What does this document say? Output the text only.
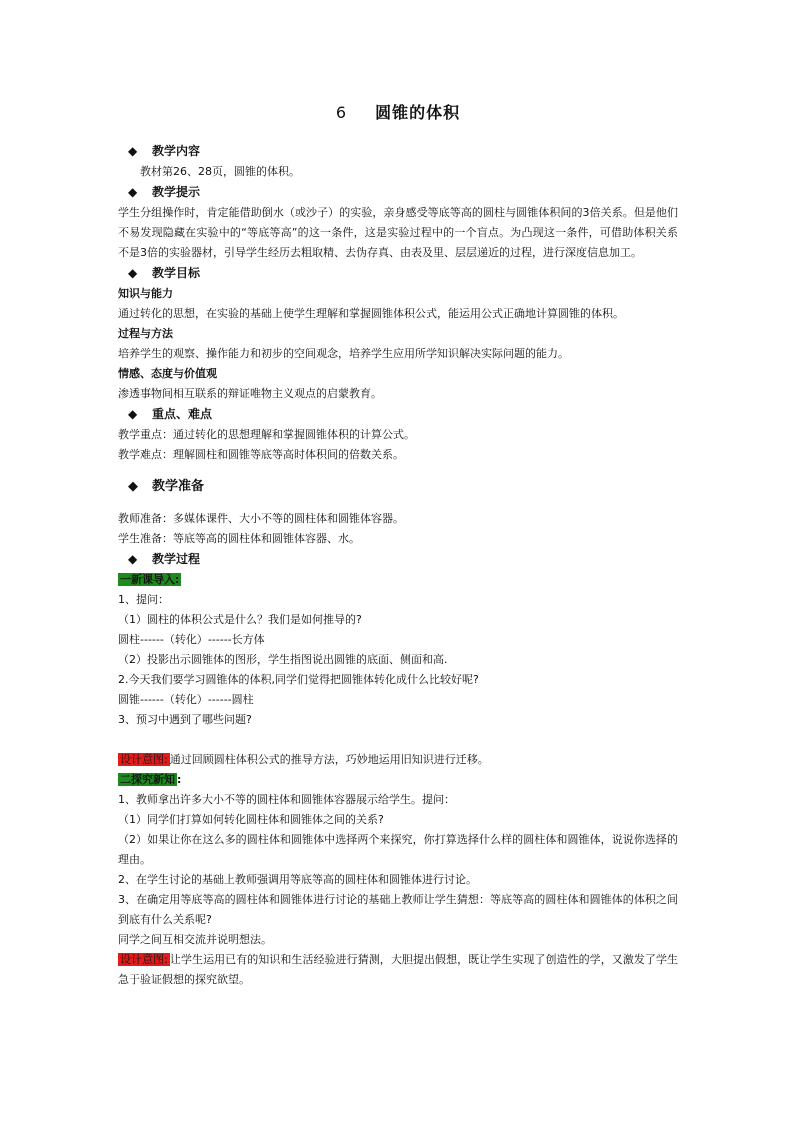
6 圆锥的体积
◆ 教学内容

教材第26、28页，圆锥的体积。

◆ 教学提示

学生分组操作时，肯定能借助倒水（或沙子）的实验，亲身感受等底等高的圆柱与圆锥体积间的3倍关系。但是他们不易发现隐藏在实验中的“等底等高”的这一条件，这是实验过程中的一个盲点。为凸现这一条件，可借助体积关系不是3倍的实验器材，引导学生经历去粗取精、去伪存真、由表及里、层层递近的过程，进行深度信息加工。

◆ 教学目标

知识与能力

通过转化的思想，在实验的基础上使学生理解和掌握圆锥体积公式，能运用公式正确地计算圆锥的体积。

过程与方法

培养学生的观察、操作能力和初步的空间观念，培养学生应用所学知识解决实际问题的能力。

情感、态度与价值观

渗透事物间相互联系的辩证唯物主义观点的启蒙教育。

◆ 重点、难点

教学重点：通过转化的思想理解和掌握圆锥体积的计算公式。

教学难点：理解圆柱和圆锥等底等高时体积间的倍数关系。

◆ 教学准备

教师准备：多媒体课件、大小不等的圆柱体和圆锥体容器。

学生准备：等底等高的圆柱体和圆锥体容器、水。

◆ 教学过程

一新课导入:

1、提问：

（1）圆柱的体积公式是什么？我们是如何推导的?

圆柱------（转化）------长方体

（2）投影出示圆锥体的图形，学生指图说出圆锥的底面、侧面和高.

2.今天我们要学习圆锥体的体积,同学们觉得把圆锥体转化成什么比较好呢?

圆锥------（转化）------圆柱

3、预习中遇到了哪些问题?

设计意图: 通过回顾圆柱体积公式的推导方法，巧妙地运用旧知识进行迁移。

二探究新知 :

1、教师拿出许多大小不等的圆柱体和圆锥体容器展示给学生。提问：

（1）同学们打算如何转化圆柱体和圆锥体之间的关系?

（2）如果让你在这么多的圆柱体和圆锥体中选择两个来探究，你打算选择什么样的圆柱体和圆锥体，说说你选择的理由。

2、在学生讨论的基础上教师强调用等底等高的圆柱体和圆锥体进行讨论。

3、在确定用等底等高的圆柱体和圆锥体进行讨论的基础上教师让学生猜想：等底等高的圆柱体和圆锥体的体积之间到底有什么关系呢?

同学之间互相交流并说明想法。

设计意图: 让学生运用已有的知识和生活经验进行猜测，大胆提出假想，既让学生实现了创造性的学，又激发了学生急于验证假想的探究欲望。
